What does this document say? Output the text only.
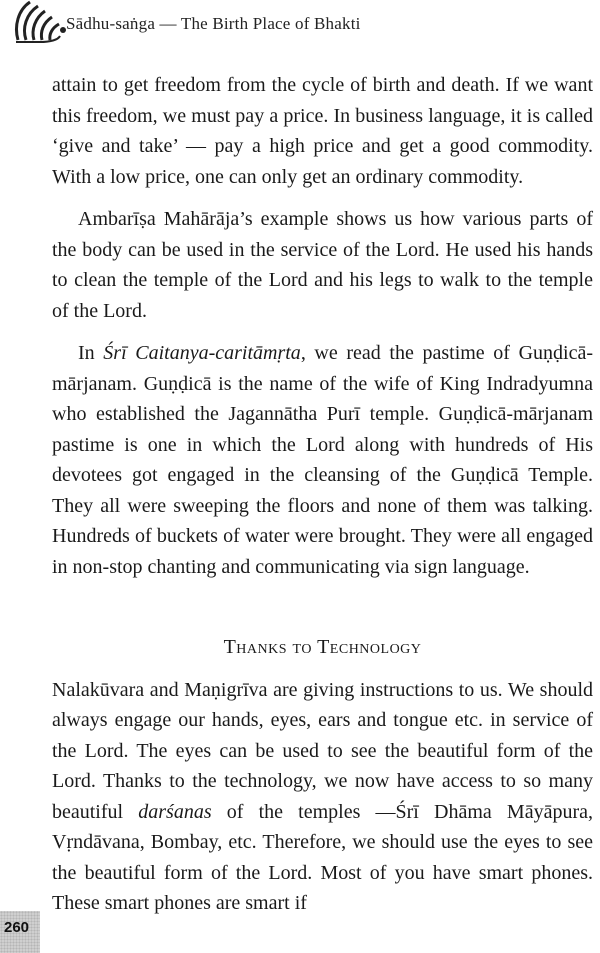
Sādhu-saṅga — The Birth Place of Bhakti

attain to get freedom from the cycle of birth and death. If we want this freedom, we must pay a price. In business language, it is called ‘give and take’ — pay a high price and get a good commodity. With a low price, one can only get an ordinary commodity.

Ambarīṣa Mahārāja’s example shows us how various parts of the body can be used in the service of the Lord. He used his hands to clean the temple of the Lord and his legs to walk to the temple of the Lord.

In Śrī Caitanya-caritāmṛta, we read the pastime of Guṇḍicā-mārjanam. Guṇḍicā is the name of the wife of King Indradyumna who established the Jagannātha Purī temple. Guṇḍicā-mārjanam pastime is one in which the Lord along with hundreds of His devotees got engaged in the cleansing of the Guṇḍicā Temple. They all were sweeping the floors and none of them was talking. Hundreds of buckets of water were brought. They were all engaged in non-stop chanting and communicating via sign language.

Thanks to Technology

Nalakūvara and Maṇigrīva are giving instructions to us. We should always engage our hands, eyes, ears and tongue etc. in service of the Lord. The eyes can be used to see the beautiful form of the Lord. Thanks to the technology, we now have access to so many beautiful darśanas of the temples —Śrī Dhāma Māyāpura, Vṛndāvana, Bombay, etc. Therefore, we should use the eyes to see the beautiful form of the Lord. Most of you have smart phones. These smart phones are smart if

260
